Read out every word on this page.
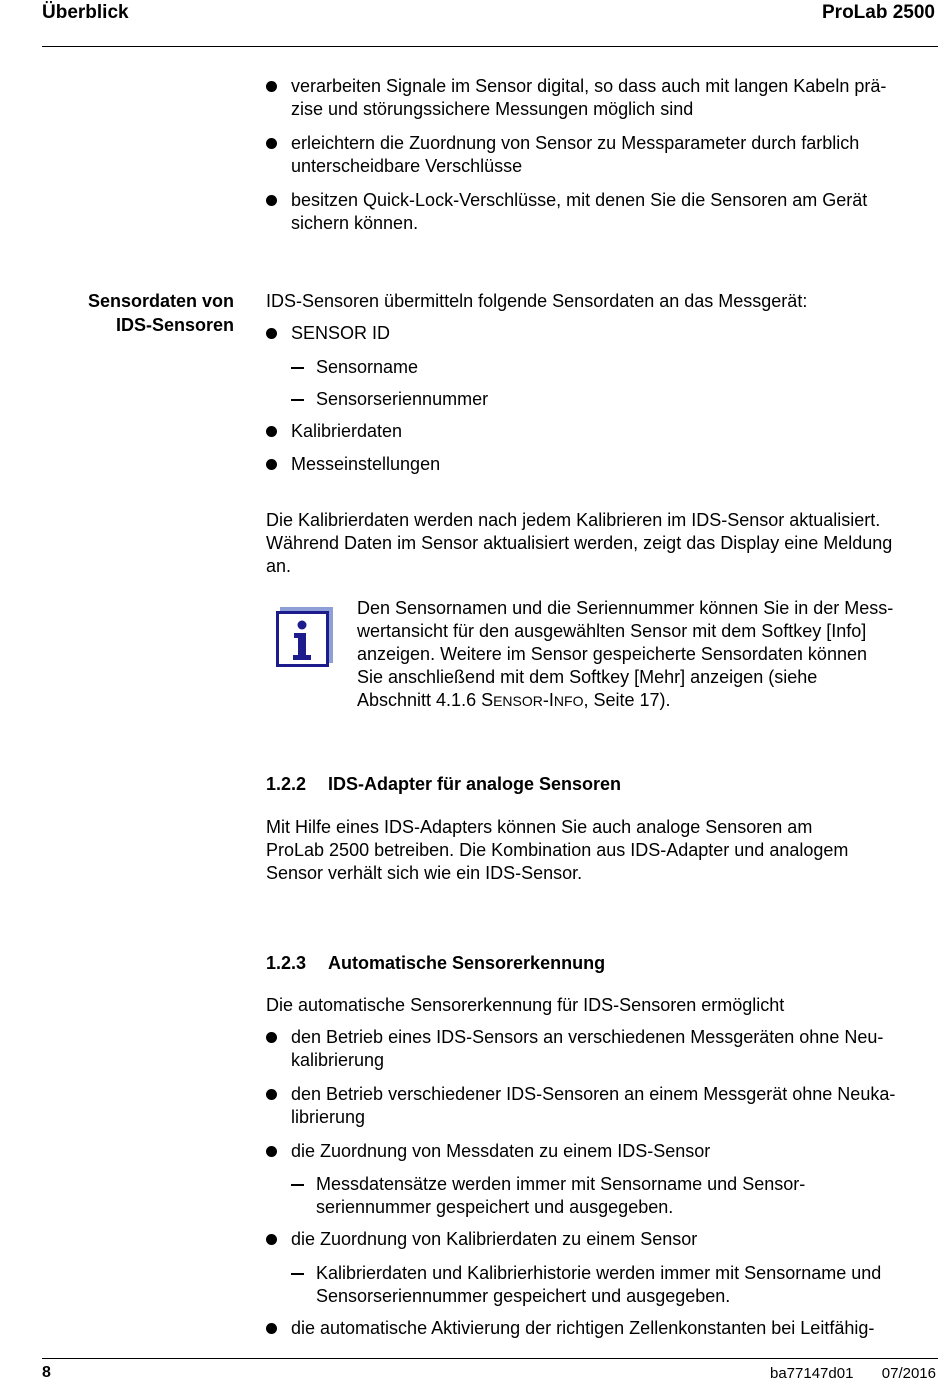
Überblick	ProLab 2500
verarbeiten Signale im Sensor digital, so dass auch mit langen Kabeln prä-
zise und störungssichere Messungen möglich sind
erleichtern die Zuordnung von Sensor zu Messparameter durch farblich
unterscheidbare Verschlüsse
besitzen Quick-Lock-Verschlüsse, mit denen Sie die Sensoren am Gerät
sichern können.
Sensordaten von
IDS-Sensoren
IDS-Sensoren übermitteln folgende Sensordaten an das Messgerät:
SENSOR ID
Sensorname
Sensorseriennummer
Kalibrierdaten
Messeinstellungen
Die Kalibrierdaten werden nach jedem Kalibrieren im IDS-Sensor aktualisiert.
Während Daten im Sensor aktualisiert werden, zeigt das Display eine Meldung
an.
Den Sensornamen und die Seriennummer können Sie in der Mess-
wertansicht für den ausgewählten Sensor mit dem Softkey [Info]
anzeigen. Weitere im Sensor gespeicherte Sensordaten können
Sie anschließend mit dem Softkey [Mehr] anzeigen (siehe
Abschnitt 4.1.6 SENSOR-INFO, Seite 17).
1.2.2 IDS-Adapter für analoge Sensoren
Mit Hilfe eines IDS-Adapters können Sie auch analoge Sensoren am
ProLab 2500 betreiben. Die Kombination aus IDS-Adapter und analogem
Sensor verhält sich wie ein IDS-Sensor.
1.2.3 Automatische Sensorerkennung
Die automatische Sensorerkennung für IDS-Sensoren ermöglicht
den Betrieb eines IDS-Sensors an verschiedenen Messgeräten ohne Neu-
kalibrierung
den Betrieb verschiedener IDS-Sensoren an einem Messgerät ohne Neuka-
librierung
die Zuordnung von Messdaten zu einem IDS-Sensor
Messdatensätze werden immer mit Sensorname und Sensor-
seriennummer gespeichert und ausgegeben.
die Zuordnung von Kalibrierdaten zu einem Sensor
Kalibrierdaten und Kalibrierhistorie werden immer mit Sensorname und
Sensorseriennummer gespeichert und ausgegeben.
die automatische Aktivierung der richtigen Zellenkonstanten bei Leitfähig-
8	ba77147d01 07/2016
